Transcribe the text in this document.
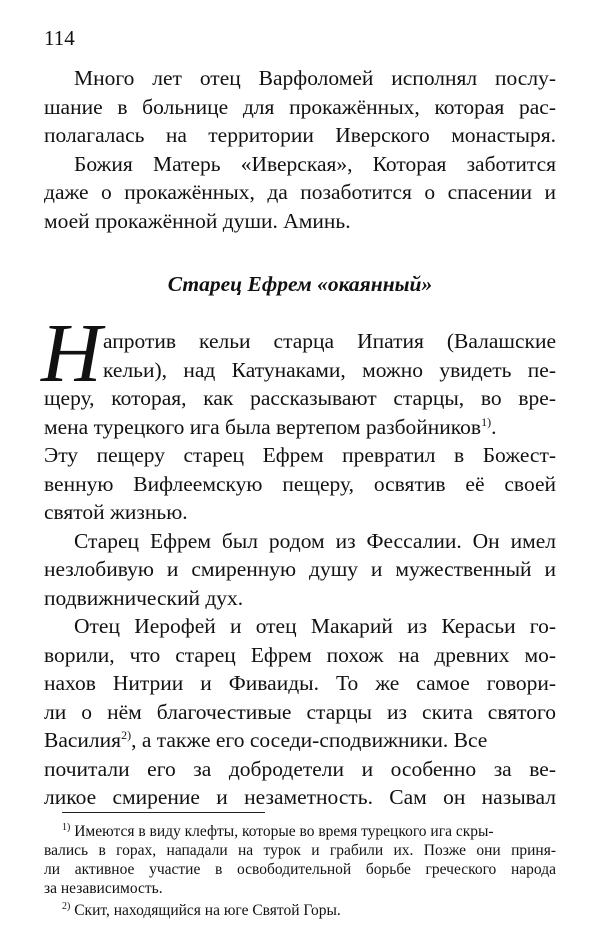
114
Много лет отец Варфоломей исполнял послу-
шание в больнице для прокажённых, которая рас-
полагалась на территории Иверского монастыря.
Божия Матерь «Иверская», Которая заботится
даже о прокажённых, да позаботится о спасении и
моей прокажённой души. Аминь.
Старец Ефрем «окаянный»
Н апротив кельи старца Ипатия (Валашские
кельи), над Катунаками, можно увидеть пе-
щеру, которая, как рассказывают старцы, во вре-
мена турецкого ига была вертепом разбойников$^{1)}$.
Эту пещеру старец Ефрем превратил в Божест-
венную Вифлеемскую пещеру, освятив её своей
святой жизнью.
Старец Ефрем был родом из Фессалии. Он имел
незлобивую и смиренную душу и мужественный и
подвижнический дух.
Отец Иерофей и отец Макарий из Керасьи го-
ворили, что старец Ефрем похож на древних мо-
нахов Нитрии и Фиваиды. То же самое говори-
ли о нём благочестивые старцы из скита святого
Василия$^{2)}$, а также его соседи-сподвижники. Все
почитали его за добродетели и особенно за ве-
ликое смирение и незаметность. Сам он называл
$^{1)}$ Имеются в виду клефты, которые во время турецкого ига скры-
вались в горах, нападали на турок и грабили их. Позже они приня-
ли активное участие в освободительной борьбе греческого народа
за независимость.
$^{2)}$ Скит, находящийся на юге Святой Горы.
